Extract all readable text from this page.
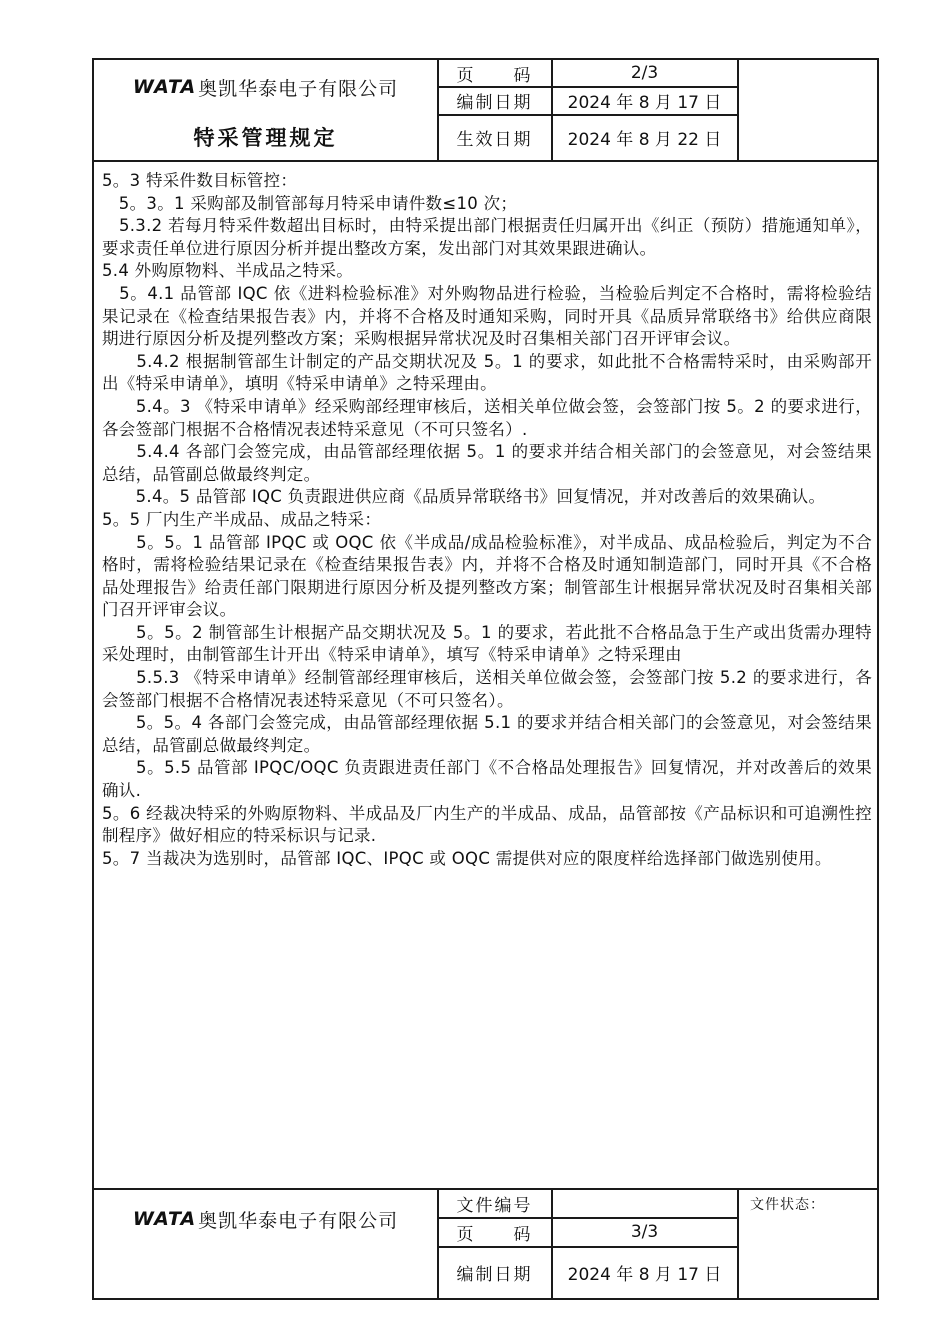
WATA 奥凯华泰电子有限公司
特采管理规定
页　　码	2/3
编制日期	2024 年 8 月 17 日
生效日期	2024 年 8 月 22 日

5。3 特采件数目标管控：

　5。3。1 采购部及制管部每月特采申请件数≤10 次；

　5.3.2 若每月特采件数超出目标时，由特采提出部门根据责任归属开出《纠正（预防）措施通知单》，要求责任单位进行原因分析并提出整改方案，发出部门对其效果跟进确认。

5.4 外购原物料、半成品之特采。

　5。4.1 品管部 IQC 依《进料检验标准》对外购物品进行检验，当检验后判定不合格时，需将检验结果记录在《检查结果报告表》内，并将不合格及时通知采购，同时开具《品质异常联络书》给供应商限期进行原因分析及提列整改方案；采购根据异常状况及时召集相关部门召开评审会议。

　　5.4.2 根据制管部生计制定的产品交期状况及 5。1 的要求，如此批不合格需特采时，由采购部开出《特采申请单》，填明《特采申请单》之特采理由。

　　5.4。3 《特采申请单》经采购部经理审核后，送相关单位做会签，会签部门按 5。2 的要求进行，各会签部门根据不合格情况表述特采意见（不可只签名）.

　　5.4.4 各部门会签完成，由品管部经理依据 5。1 的要求并结合相关部门的会签意见，对会签结果总结，品管副总做最终判定。

　　5.4。5 品管部 IQC 负责跟进供应商《品质异常联络书》回复情况，并对改善后的效果确认。

5。5 厂内生产半成品、成品之特采：

　　5。5。1 品管部 IPQC 或 OQC 依《半成品/成品检验标准》，对半成品、成品检验后，判定为不合格时，需将检验结果记录在《检查结果报告表》内，并将不合格及时通知制造部门，同时开具《不合格品处理报告》给责任部门限期进行原因分析及提列整改方案；制管部生计根据异常状况及时召集相关部门召开评审会议。

　　5。5。2 制管部生计根据产品交期状况及 5。1 的要求，若此批不合格品急于生产或出货需办理特采处理时，由制管部生计开出《特采申请单》，填写《特采申请单》之特采理由

　　5.5.3 《特采申请单》经制管部经理审核后，送相关单位做会签，会签部门按 5.2 的要求进行，各会签部门根据不合格情况表述特采意见（不可只签名）。

　　5。5。4 各部门会签完成，由品管部经理依据 5.1 的要求并结合相关部门的会签意见，对会签结果总结，品管副总做最终判定。

　　5。5.5 品管部 IPQC/OQC 负责跟进责任部门《不合格品处理报告》回复情况，并对改善后的效果确认.

5。6 经裁决特采的外购原物料、半成品及厂内生产的半成品、成品，品管部按《产品标识和可追溯性控制程序》做好相应的特采标识与记录.

5。7 当裁决为选别时，品管部 IQC、IPQC 或 OQC 需提供对应的限度样给选择部门做选别使用。

WATA 奥凯华泰电子有限公司
文件编号
页　　码	3/3
编制日期	2024 年 8 月 17 日
文件状态：
